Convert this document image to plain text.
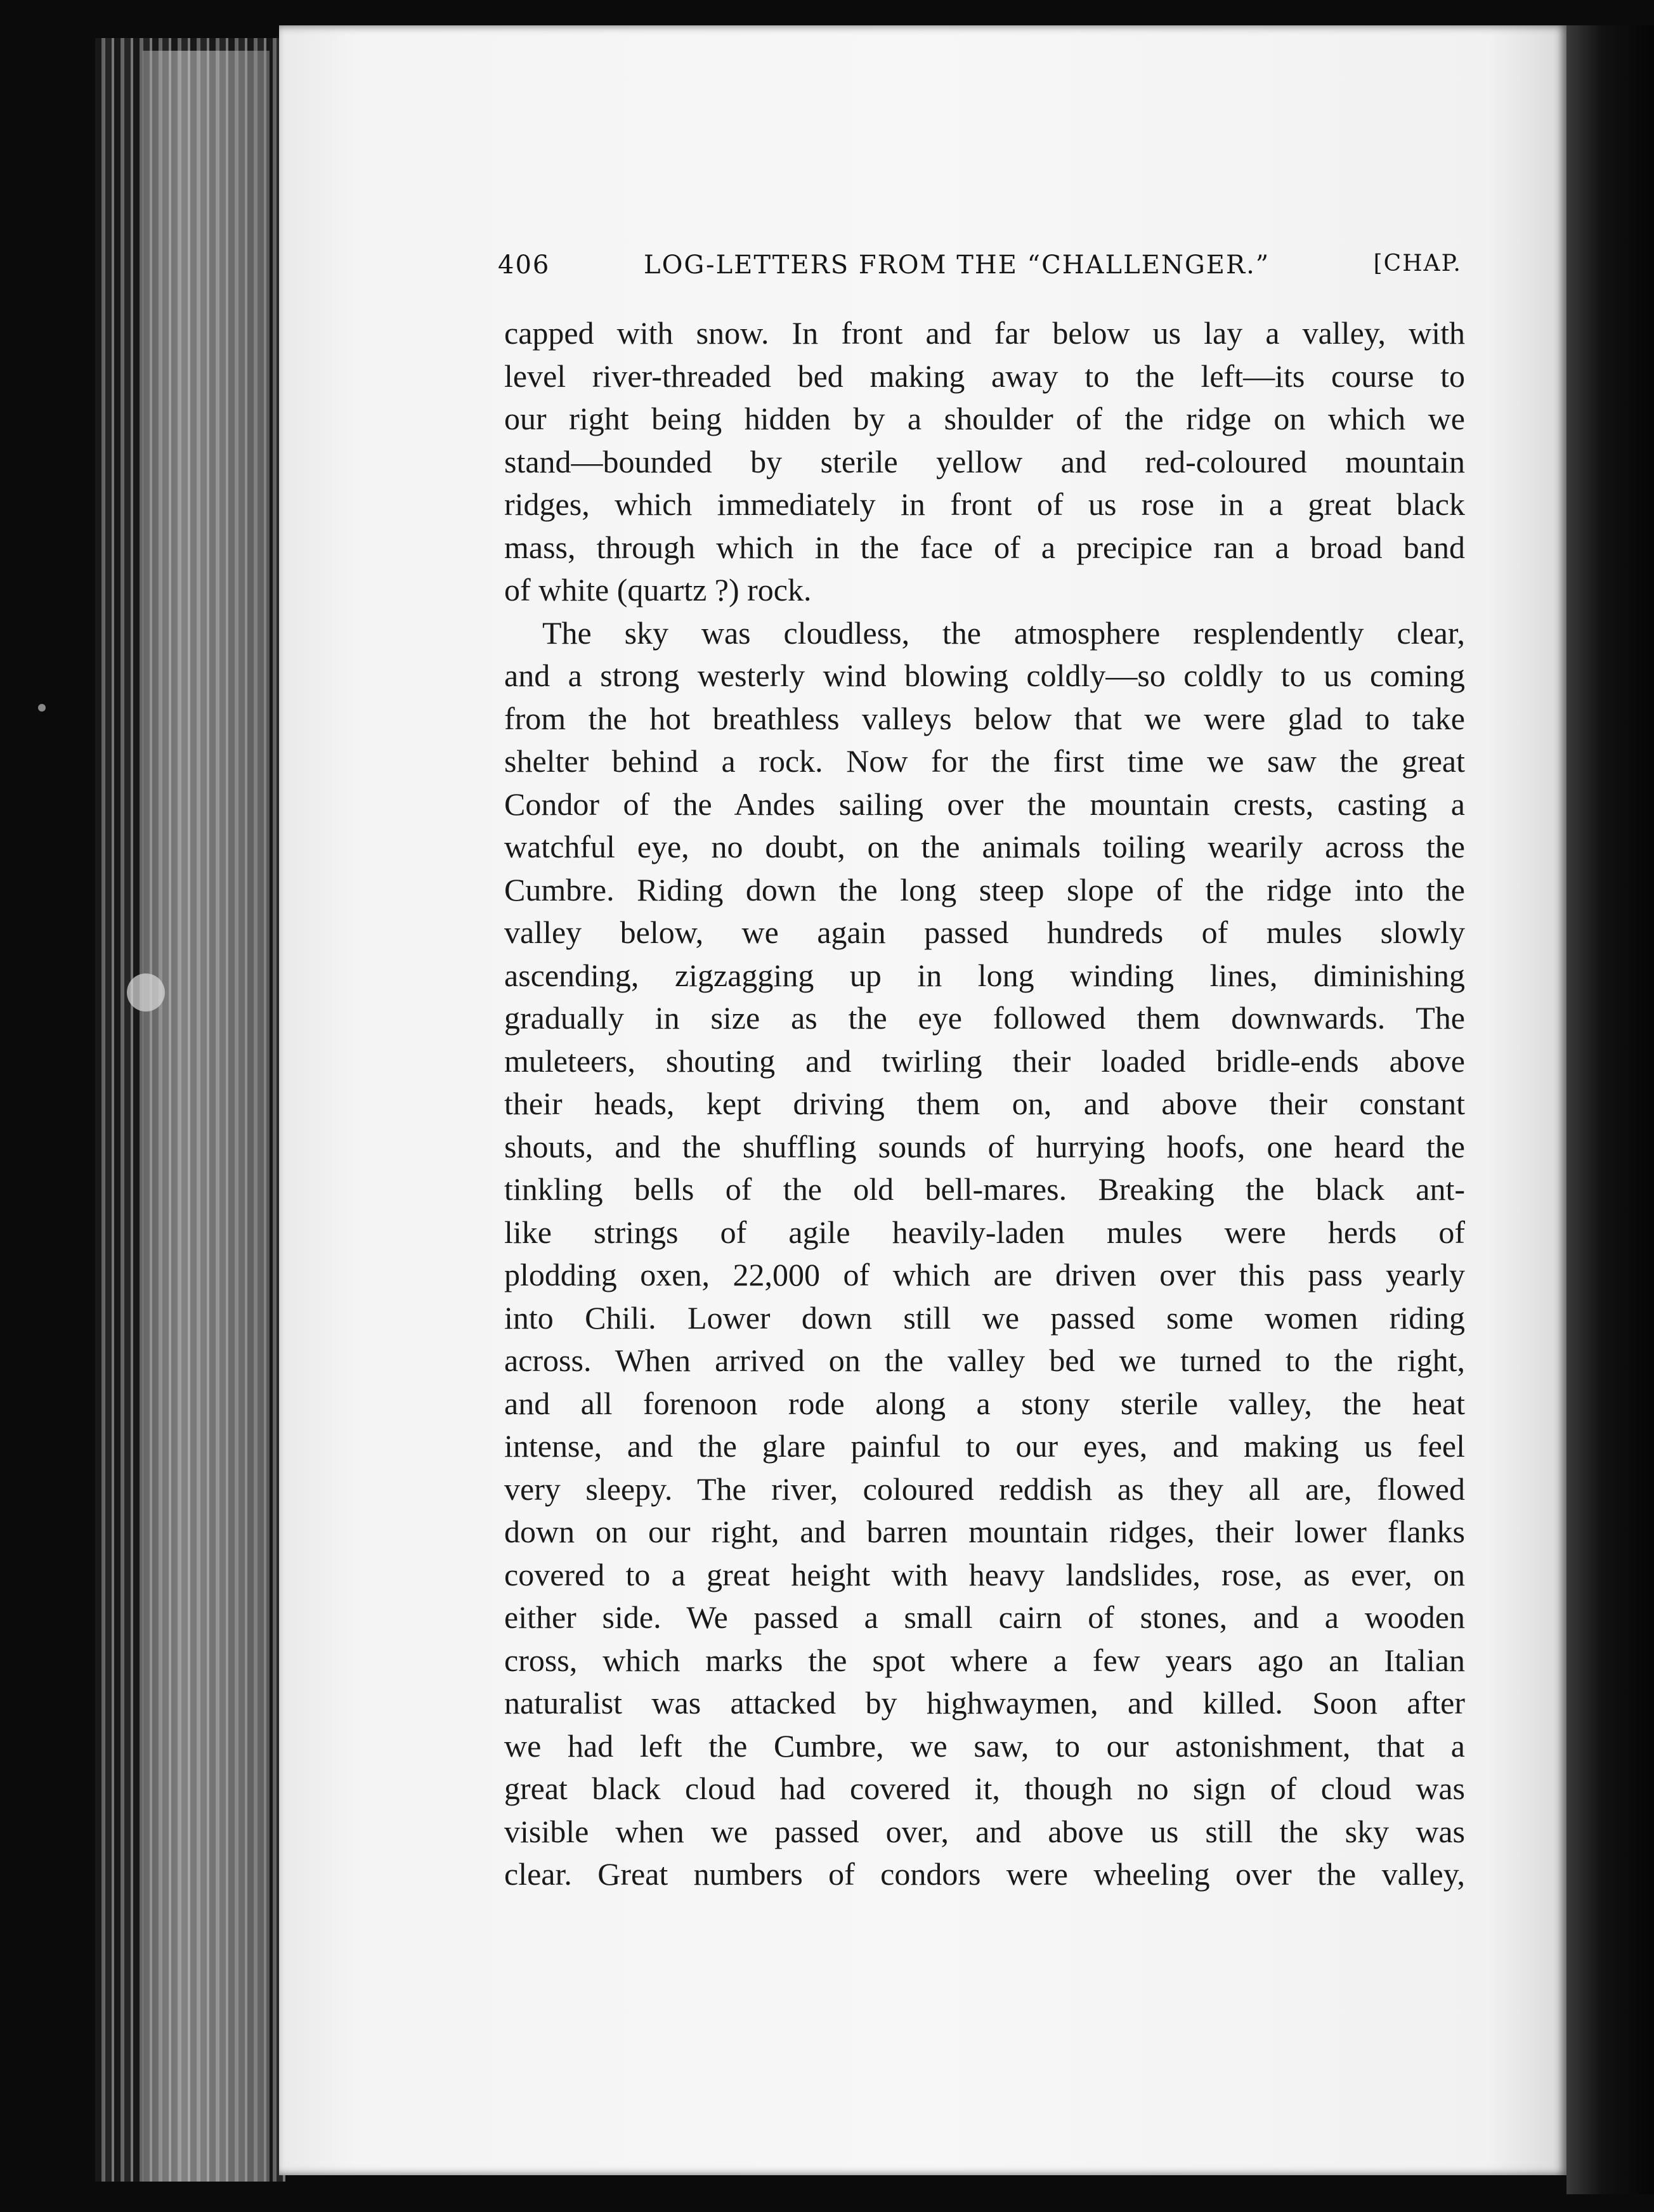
406	LOG-LETTERS FROM THE “CHALLENGER.”	[CHAP.
capped with snow. In front and far below us lay a valley, with
level river-threaded bed making away to the left—its course to
our right being hidden by a shoulder of the ridge on which we
stand—bounded by sterile yellow and red-coloured mountain
ridges, which immediately in front of us rose in a great black
mass, through which in the face of a precipice ran a broad band
of white (quartz ?) rock.
The sky was cloudless, the atmosphere resplendently clear,
and a strong westerly wind blowing coldly—so coldly to us coming
from the hot breathless valleys below that we were glad to take
shelter behind a rock. Now for the first time we saw the great
Condor of the Andes sailing over the mountain crests, casting a
watchful eye, no doubt, on the animals toiling wearily across the
Cumbre. Riding down the long steep slope of the ridge into the
valley below, we again passed hundreds of mules slowly
ascending, zigzagging up in long winding lines, diminishing
gradually in size as the eye followed them downwards. The
muleteers, shouting and twirling their loaded bridle-ends above
their heads, kept driving them on, and above their constant
shouts, and the shuffling sounds of hurrying hoofs, one heard the
tinkling bells of the old bell-mares. Breaking the black ant-
like strings of agile heavily-laden mules were herds of
plodding oxen, 22,000 of which are driven over this pass yearly
into Chili. Lower down still we passed some women riding
across. When arrived on the valley bed we turned to the right,
and all forenoon rode along a stony sterile valley, the heat
intense, and the glare painful to our eyes, and making us feel
very sleepy. The river, coloured reddish as they all are, flowed
down on our right, and barren mountain ridges, their lower flanks
covered to a great height with heavy landslides, rose, as ever, on
either side. We passed a small cairn of stones, and a wooden
cross, which marks the spot where a few years ago an Italian
naturalist was attacked by highwaymen, and killed. Soon after
we had left the Cumbre, we saw, to our astonishment, that a
great black cloud had covered it, though no sign of cloud was
visible when we passed over, and above us still the sky was
clear. Great numbers of condors were wheeling over the valley,
